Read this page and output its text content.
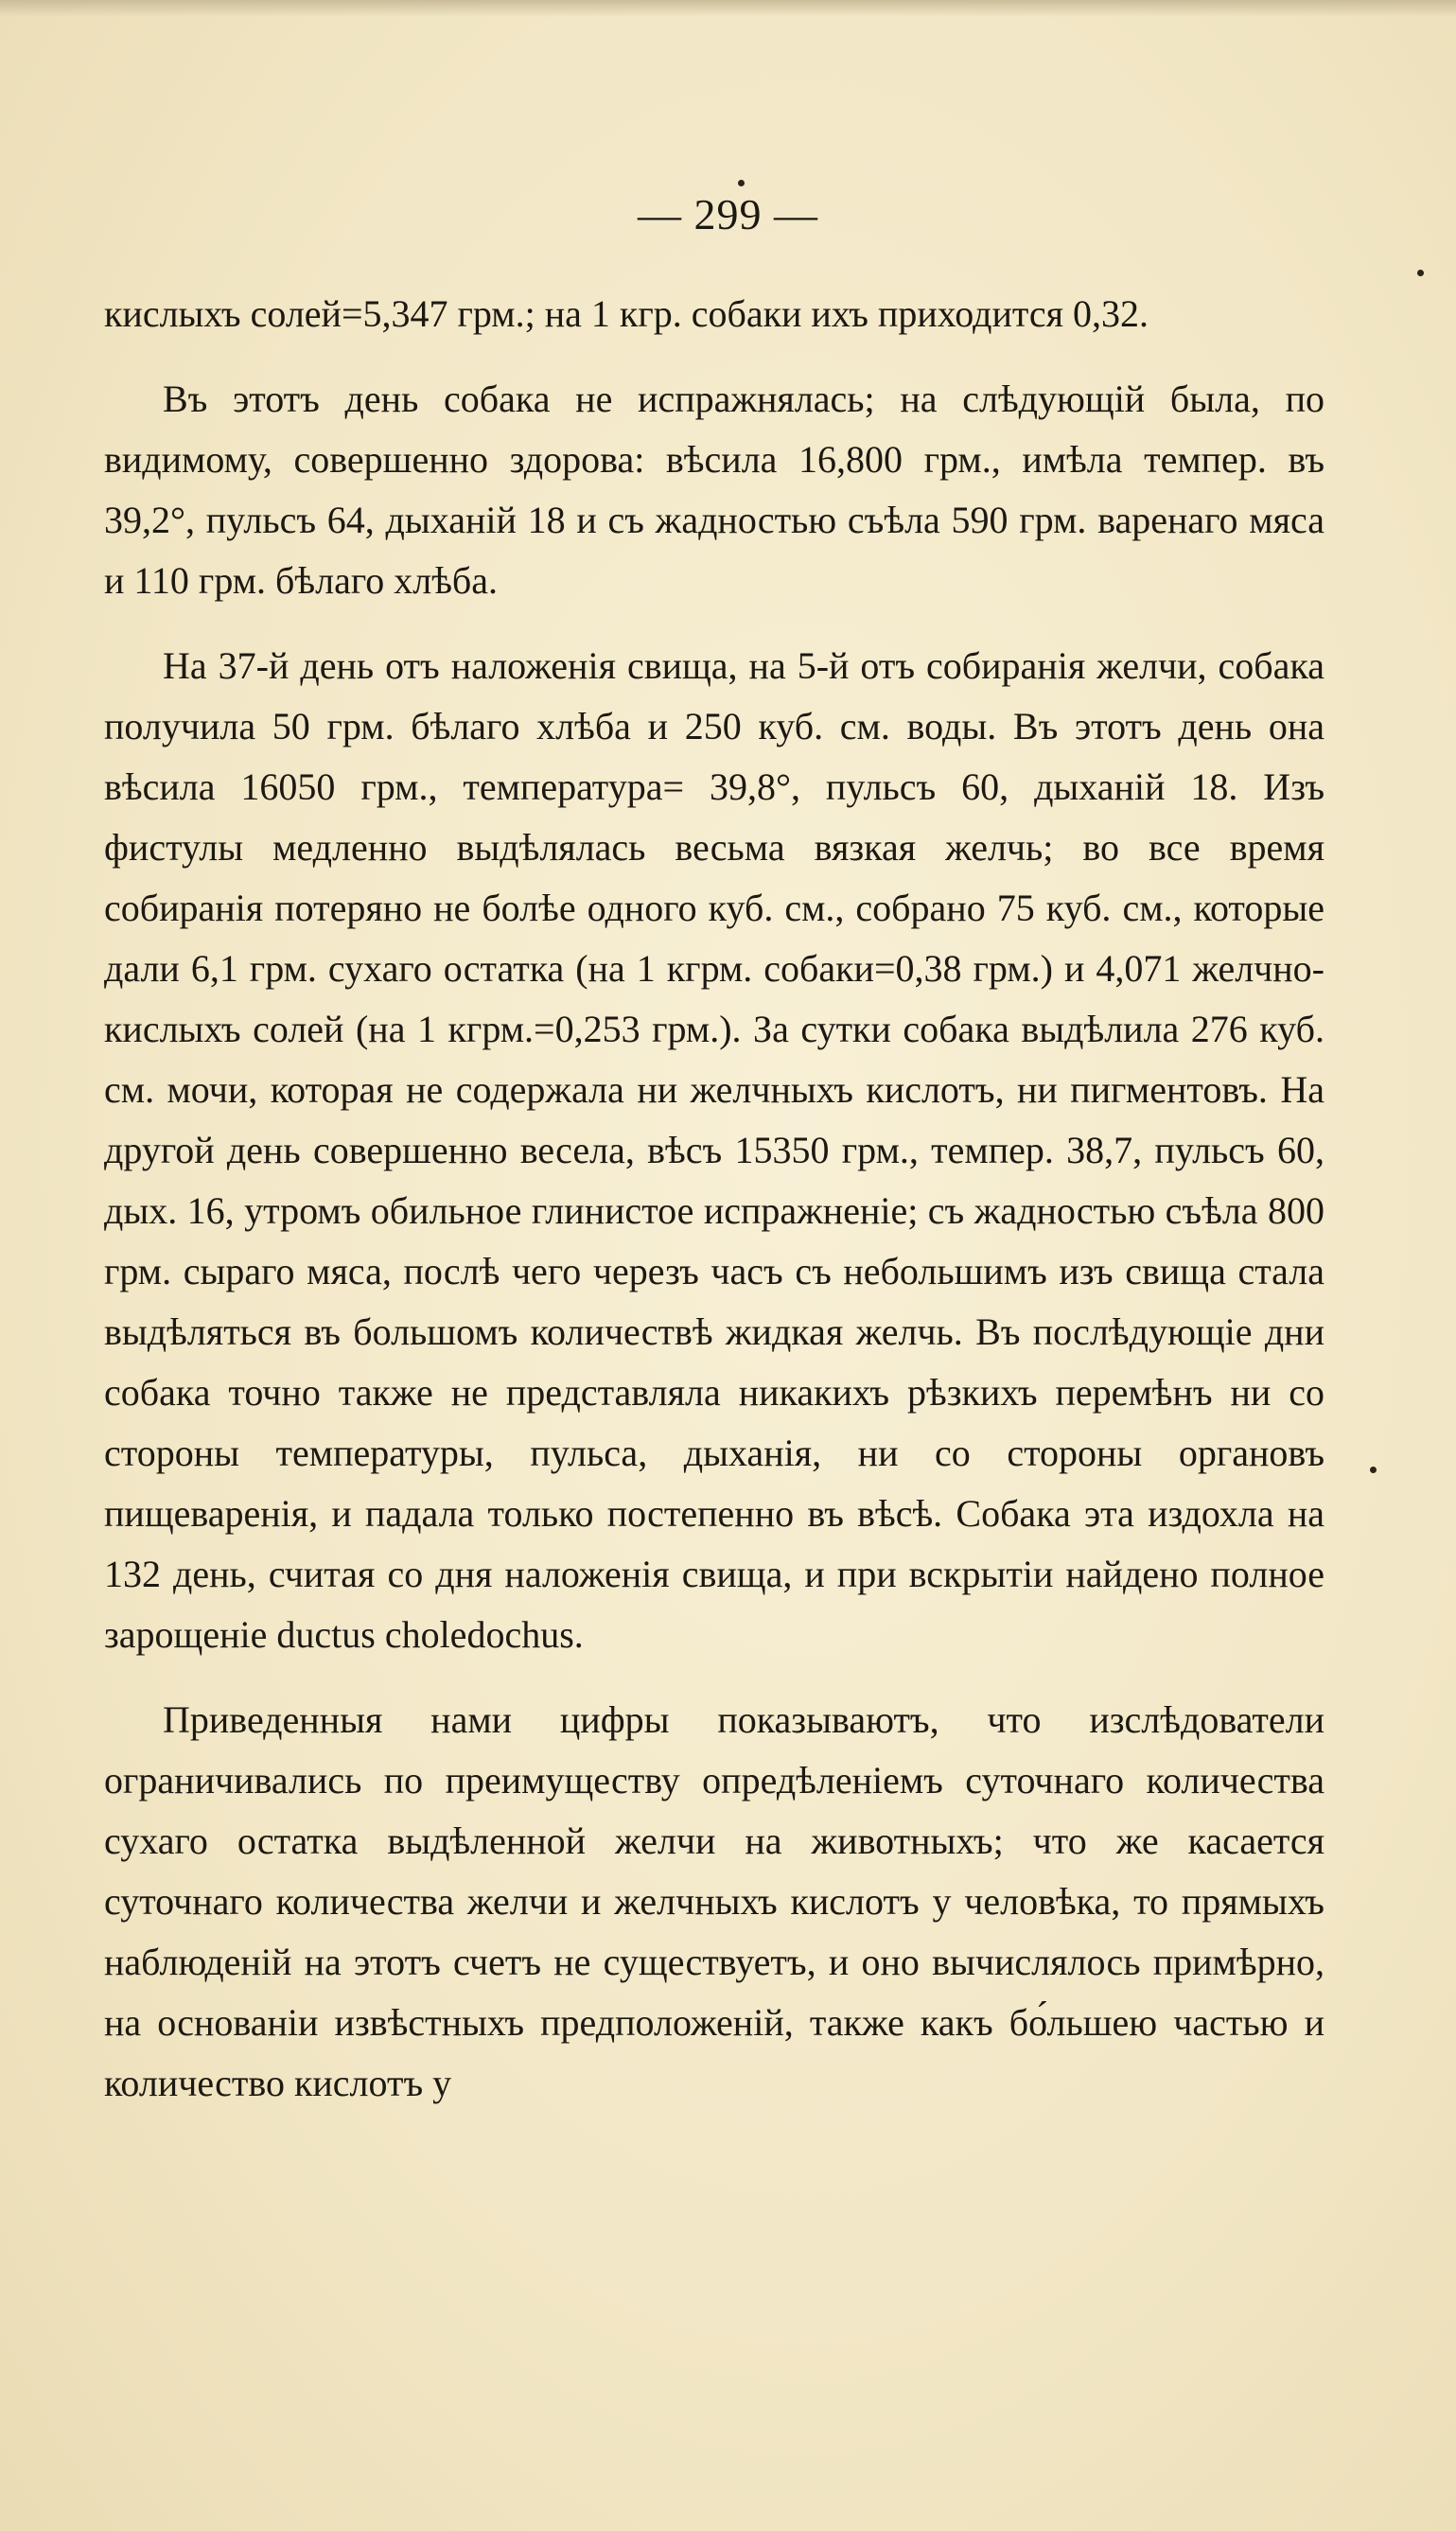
— 299 —

кислыхъ солей=5,347 грм.; на 1 кгр. собаки ихъ приходится 0,32.

Въ этотъ день собака не испражнялась; на слѣдующій была, по видимому, совершенно здорова: вѣсила 16,800 грм., имѣла темпер. въ 39,2°, пульсъ 64, дыханій 18 и съ жадностью съѣла 590 грм. варенаго мяса и 110 грм. бѣлаго хлѣба.

На 37-й день отъ наложенія свища, на 5-й отъ собиранія желчи, собака получила 50 грм. бѣлаго хлѣба и 250 куб. см. воды. Въ этотъ день она вѣсила 16050 грм., температура= 39,8°, пульсъ 60, дыханій 18. Изъ фистулы медленно выдѣлялась весьма вязкая желчь; во все время собиранія потеряно не болѣе одного куб. см., собрано 75 куб. см., которые дали 6,1 грм. сухаго остатка (на 1 кгрм. собаки=0,38 грм.) и 4,071 желчно-кислыхъ солей (на 1 кгрм.=0,253 грм.). За сутки собака выдѣлила 276 куб. см. мочи, которая не содержала ни желчныхъ кислотъ, ни пигментовъ. На другой день совершенно весела, вѣсъ 15350 грм., темпер. 38,7, пульсъ 60, дых. 16, утромъ обильное глинистое испражненіе; съ жадностью съѣла 800 грм. сыраго мяса, послѣ чего черезъ часъ съ небольшимъ изъ свища стала выдѣляться въ большомъ количествѣ жидкая желчь. Въ послѣдующіе дни собака точно также не представляла никакихъ рѣзкихъ перемѣнъ ни со стороны температуры, пульса, дыханія, ни со стороны органовъ пищеваренія, и падала только постепенно въ вѣсѣ. Собака эта издохла на 132 день, считая со дня наложенія свища, и при вскрытіи найдено полное зарощеніе ductus choledochus.

Приведенныя нами цифры показываютъ, что изслѣдователи ограничивались по преимуществу опредѣленіемъ суточнаго количества сухаго остатка выдѣленной желчи на животныхъ; что же касается суточнаго количества желчи и желчныхъ кислотъ у человѣка, то прямыхъ наблюденій на этотъ счетъ не существуетъ, и оно вычислялось примѣрно, на основаніи извѣстныхъ предположеній, также какъ бо́льшею частью и количество кислотъ у
